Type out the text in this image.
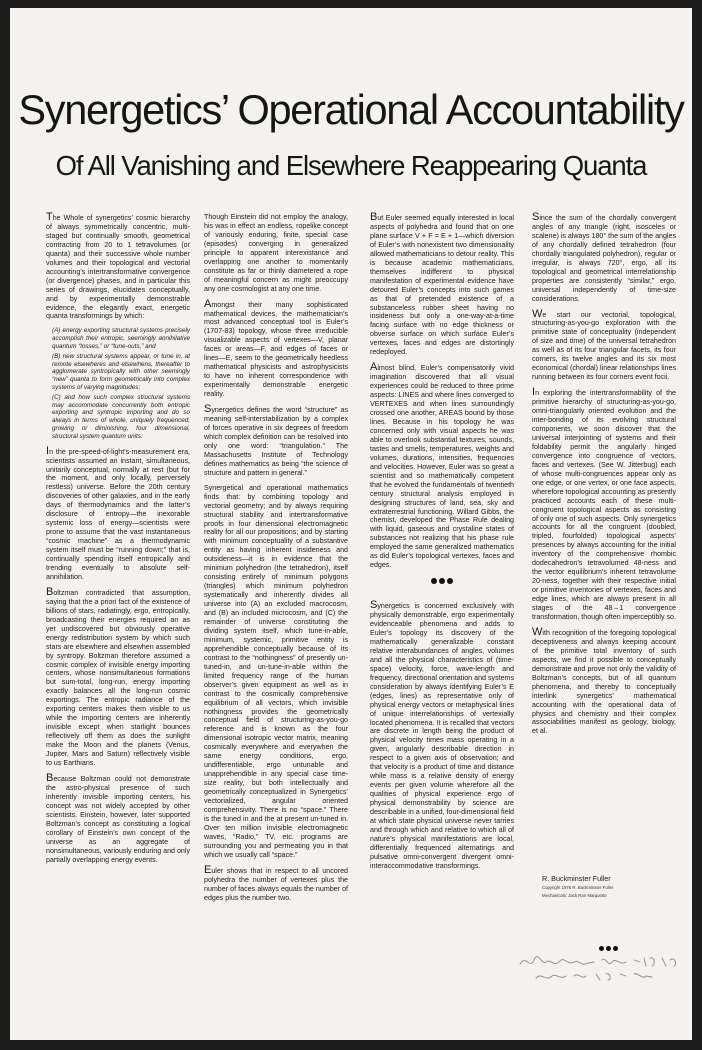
Synergetics’ Operational Accountability
Of All Vanishing and Elsewhere Reappearing Quanta

The Whole of synergetics’ cosmic hierarchy of always symmetrically concentric, multi-staged but continually smooth, geometrical contracting from 20 to 1 tetravolumes (or quanta) and their successive whole number volumes and their topological and vectorial accounting’s intertransformative convergence (or divergence) phases, and in particular this series of drawings, elucidates conceptually, and by experimentally demonstrable evidence, the elegantly exact, energetic quanta transformings by which:

(A) energy exporting structural systems precisely accomplish their entropic, seemingly annihilative quantum “losses,” or “tune-outs,” and
(B) new structural systems appear, or tune in, at remote elsewheres and elsewhens, thereafter to agglomerate syntropically with other seemingly “new” quanta to form geometrically into complex systems of varying magnitudes;
(C) and how such complex structural systems may accommodate concurrently both entropic exporting and syntropic importing and do so always in terms of whole, uniquely frequenced, growing or diminishing, four dimensional, structural system quantum units.

In the pre-speed-of-light’s-measurement era, scientists assumed an instant, simultaneous, unitarily conceptual, normally at rest (but for the moment, and only locally, perversely restless) universe. Before the 20th century discoveries of other galaxies, and in the early days of thermodynamics and the latter’s disclosure of entropy—the inexorable systemic loss of energy—scientists were prone to assume that the vast instantaneous “cosmic machine” as a thermodynamic system itself must be “running down;” that is, continually spending itself entropically and trending eventually to absolute self-annihilation.

Boltzman contradicted that assumption, saying that the a priori fact of the existence of billions of stars, radiatingly, ergo, entropically, broadcasting their energies required an as yet undiscovered but obviously operative energy redistribution system by which such stars are elsewhere and elsewhen assembled by syntropy. Boltzman therefore assumed a cosmic complex of invisible energy importing centers, whose nonsimultaneous formations but sum-total, long-run, energy importing exactly balances all the long-run cosmic exportings. The entropic radiance of the exporting centers makes them visible to us while the importing centers are inherently invisible except when starlight bounces reflectively off them as does the sunlight make the Moon and the planets (Venus, Jupiter, Mars and Saturn) reflectively visible to us Earthians.

Because Boltzman could not demonstrate the astro-physical presence of such inherently invisible importing centers, his concept was not widely accepted by other scientists. Einstein, however, later supported Boltzman’s concept as constituting a logical corollary of Einstein’s own concept of the universe as an aggregate of nonsimultaneous, variously enduring and only partially overlapping energy events.

Though Einstein did not employ the analogy, his was in effect an endless, ropelike concept of variously enduring, finite, special case (episodes) converging in generalized principle to apparent interexistance and overlapping one another to momentarily constitute as far or thinly diametered a rope of meaningful concern as might preoccupy any one cosmologist at any one time.

Amongst their many sophisticated mathematical devices, the mathematician’s most advanced conceptual tool is Euler’s (1707-83) topology, whose three irreducible visualizable aspects of vertexes—V, planar faces or areas—F, and edges of faces or lines—E, seem to the geometrically heedless mathematical physicists and astrophysicists to have no inherent correspondence with experimentally demonstrable energetic reality.

Synergetics defines the word “structure” as meaning self-interstabilization by a complex of forces operative in six degrees of freedom which complex definition can be resolved into only one word: “triangulation.” The Massachusetts Institute of Technology defines mathematics as being “the science of structure and pattern in general.”

Synergetical and operational mathematics finds that: by combining topology and vectorial geometry; and by always requiring structural stability and intertransformative proofs in four dimensional electromagnetic reality for all our propositions; and by starting with minimum conceptuality of a substantive entity as having inherent insideness and outsideness—it is in evidence that the minimum polyhedron (the tetrahedron), itself consisting entirely of minimum polygons (triangles) which minimum polyhedron systematically and inherently divides all universe into (A) an excluded macrocosm, and (B) an included microcosm, and (C) the remainder of universe constituting the dividing system itself, which tune-in-able, minimum, systemic, primitive entity is apprehendible conceptually because of its contrast to the “nothingness” of presently un-tuned-in, and un-tune-in-able within the limited frequency range of the human observer’s given equipment as well as in contrast to the cosmically comprehensive equilibrium of all vectors, which invisible nothingness provides the geometrically conceptual field of structuring-as-you-go reference and is known as the four dimensional isotropic vector matrix, meaning cosmically everywhere and everywhen the same energy conditions, ergo, undifferentiable, ergo untunable and unapprehendible in any special case time-size reality, but both intellectually and geometrically conceptualized in Synergetics’ vectorialized, angular oriented comprehensivity. There is no “space.” There is the tuned in and the at present un-tuned in. Over ten million invisible electromagnetic waves, “Radio,” TV, etc. programs are surrounding you and permeating you in that which we usually call “space.”

Euler shows that in respect to all uncored polyhedra the number of vertexes plus the number of faces always equals the number of edges plus the number two.

But Euler seemed equally interested in local aspects of polyhedra and found that on one plane surface V + F = E + 1—which diversion of Euler’s with nonexistent two dimensionality allowed mathematicians to detour reality. This is because academic mathematicians, themselves indifferent to physical manifestation of experimental evidence have detoured Euler’s concepts into such games as that of pretended existence of a substanceless rubber sheet having no insideness but only a one-way-at-a-time facing surface with no edge thickness or obverse surface on which surface Euler’s vertexes, faces and edges are distortingly redeployed.

Almost blind, Euler’s compensatorily vivid imagination discovered that all visual experiences could be reduced to three prime aspects: LINES and where lines converged to VERTEXES and when lines surroundingly crossed one another, AREAS bound by those lines. Because in his topology he was concerned only with visual aspects he was able to overlook substantial textures, sounds, tastes and smells, temperatures, weights and volumes, durations, intensities, frequencies and velocities. However, Euler was so great a scientist and so mathematically competent that he evolved the fundamentals of twentieth century structural analysis employed in designing structures of land, sea, sky and extraterrestrial functioning. Willard Gibbs, the chemist, developed the Phase Rule dealing with liquid, gaseous and crystaline states of substances not realizing that his phase rule employed the same generalized mathematics as did Euler’s topological vertexes, faces and edges.

Synergetics is concerned exclusively with physically demonstrable, ergo experimentally evidenceable phenomena and adds to Euler’s topology its discovery of the mathematically generalizable constant relative interabundances of angles, volumes and all the physical characteristics of (time-space) velocity, force, wave-length and frequency, directional orientation and systems consideration by always identifying Euler’s E (edges, lines) as representative only of physical energy vectors or metaphysical lines of unique interrelationships of vertexially located phenomena. It is recalled that vectors are discrete in length being the product of physical velocity times mass operating in a given, angularly describable direction in respect to a given axis of observation; and that velocity is a product of time and distance while mass is a relative density of energy events per given volume wherefore all the qualities of physical experience ergo of physical demonstrability by science are describable in a unified, four-dimensional field at which state physical universe never tarries and through which and relative to which all of nature’s physical manifestations are local, differentially frequenced alternatings and pulsative omni-convergent divergent omni-interaccommodative transformings.

Since the sum of the chordally convergent angles of any triangle (right, isosceles or scalene) is always 180° the sum of the angles of any chordally defined tetrahedron (four chordally triangulated polyhedron), regular or irregular, is always 720°, ergo, all its topological and geometrical interrelationship properties are consistently “similar,” ergo, universal independently of time-size considerations.

We start our vectorial, topological, structuring-as-you-go exploration with the primitive state of conceptuality (independent of size and time) of the universal tetrahedron as well as of its four triangular facets, its four corners, its twelve angles and its six most economical (chordal) linear relationships lines running between its four corners event focii.

In exploring the intertransformability of the primitive hierarchy of structuring-as-you-go, omni-triangularly oriented evolution and the inter-bonding of its evolving structural components, we soon discover that the universal interjointing of systems and their foldability permit the angularly hinged convergence into congruence of vectors, faces and vertexes. (See W. Jitterbug) each of whose multi-congruences appear only as one edge, or one vertex, or one face aspects, wherefore topological accounting as presently practiced accounts each of these multi-congruent topological aspects as consisting of only one of such aspects. Only synergetics accounts for all the congruent (doubled, tripled, fourfolded) topological aspects’ presences by always accounting for the initial inventory of the comprehensive rhombic dodecahedron’s tetravolumed 48-ness and the vector equilibrium’s inherent tetravolume 20-ness, together with their respective initial or primitive inventories of vertexes, faces and edge lines, which are always present in all stages of the 48→1 convergence transformation, though often imperceptibly so.

With recognition of the foregoing topological deceptiveness and always keeping account of the primitive total inventory of such aspects, we find it possible to conceptually demonstrate and prove not only the validity of Boltzman’s concepts, but of all quantum phenomena, and thereby to conceptually interlink synergetics’ mathematical accounting with the operational data of physics and chemistry and their complex associabilities manifest as geology, biology, et al.

R. Buckminster Fuller
Copyright 1976 R. Buckminster Fuller
Mechanicals: Jack Ran Marquette
